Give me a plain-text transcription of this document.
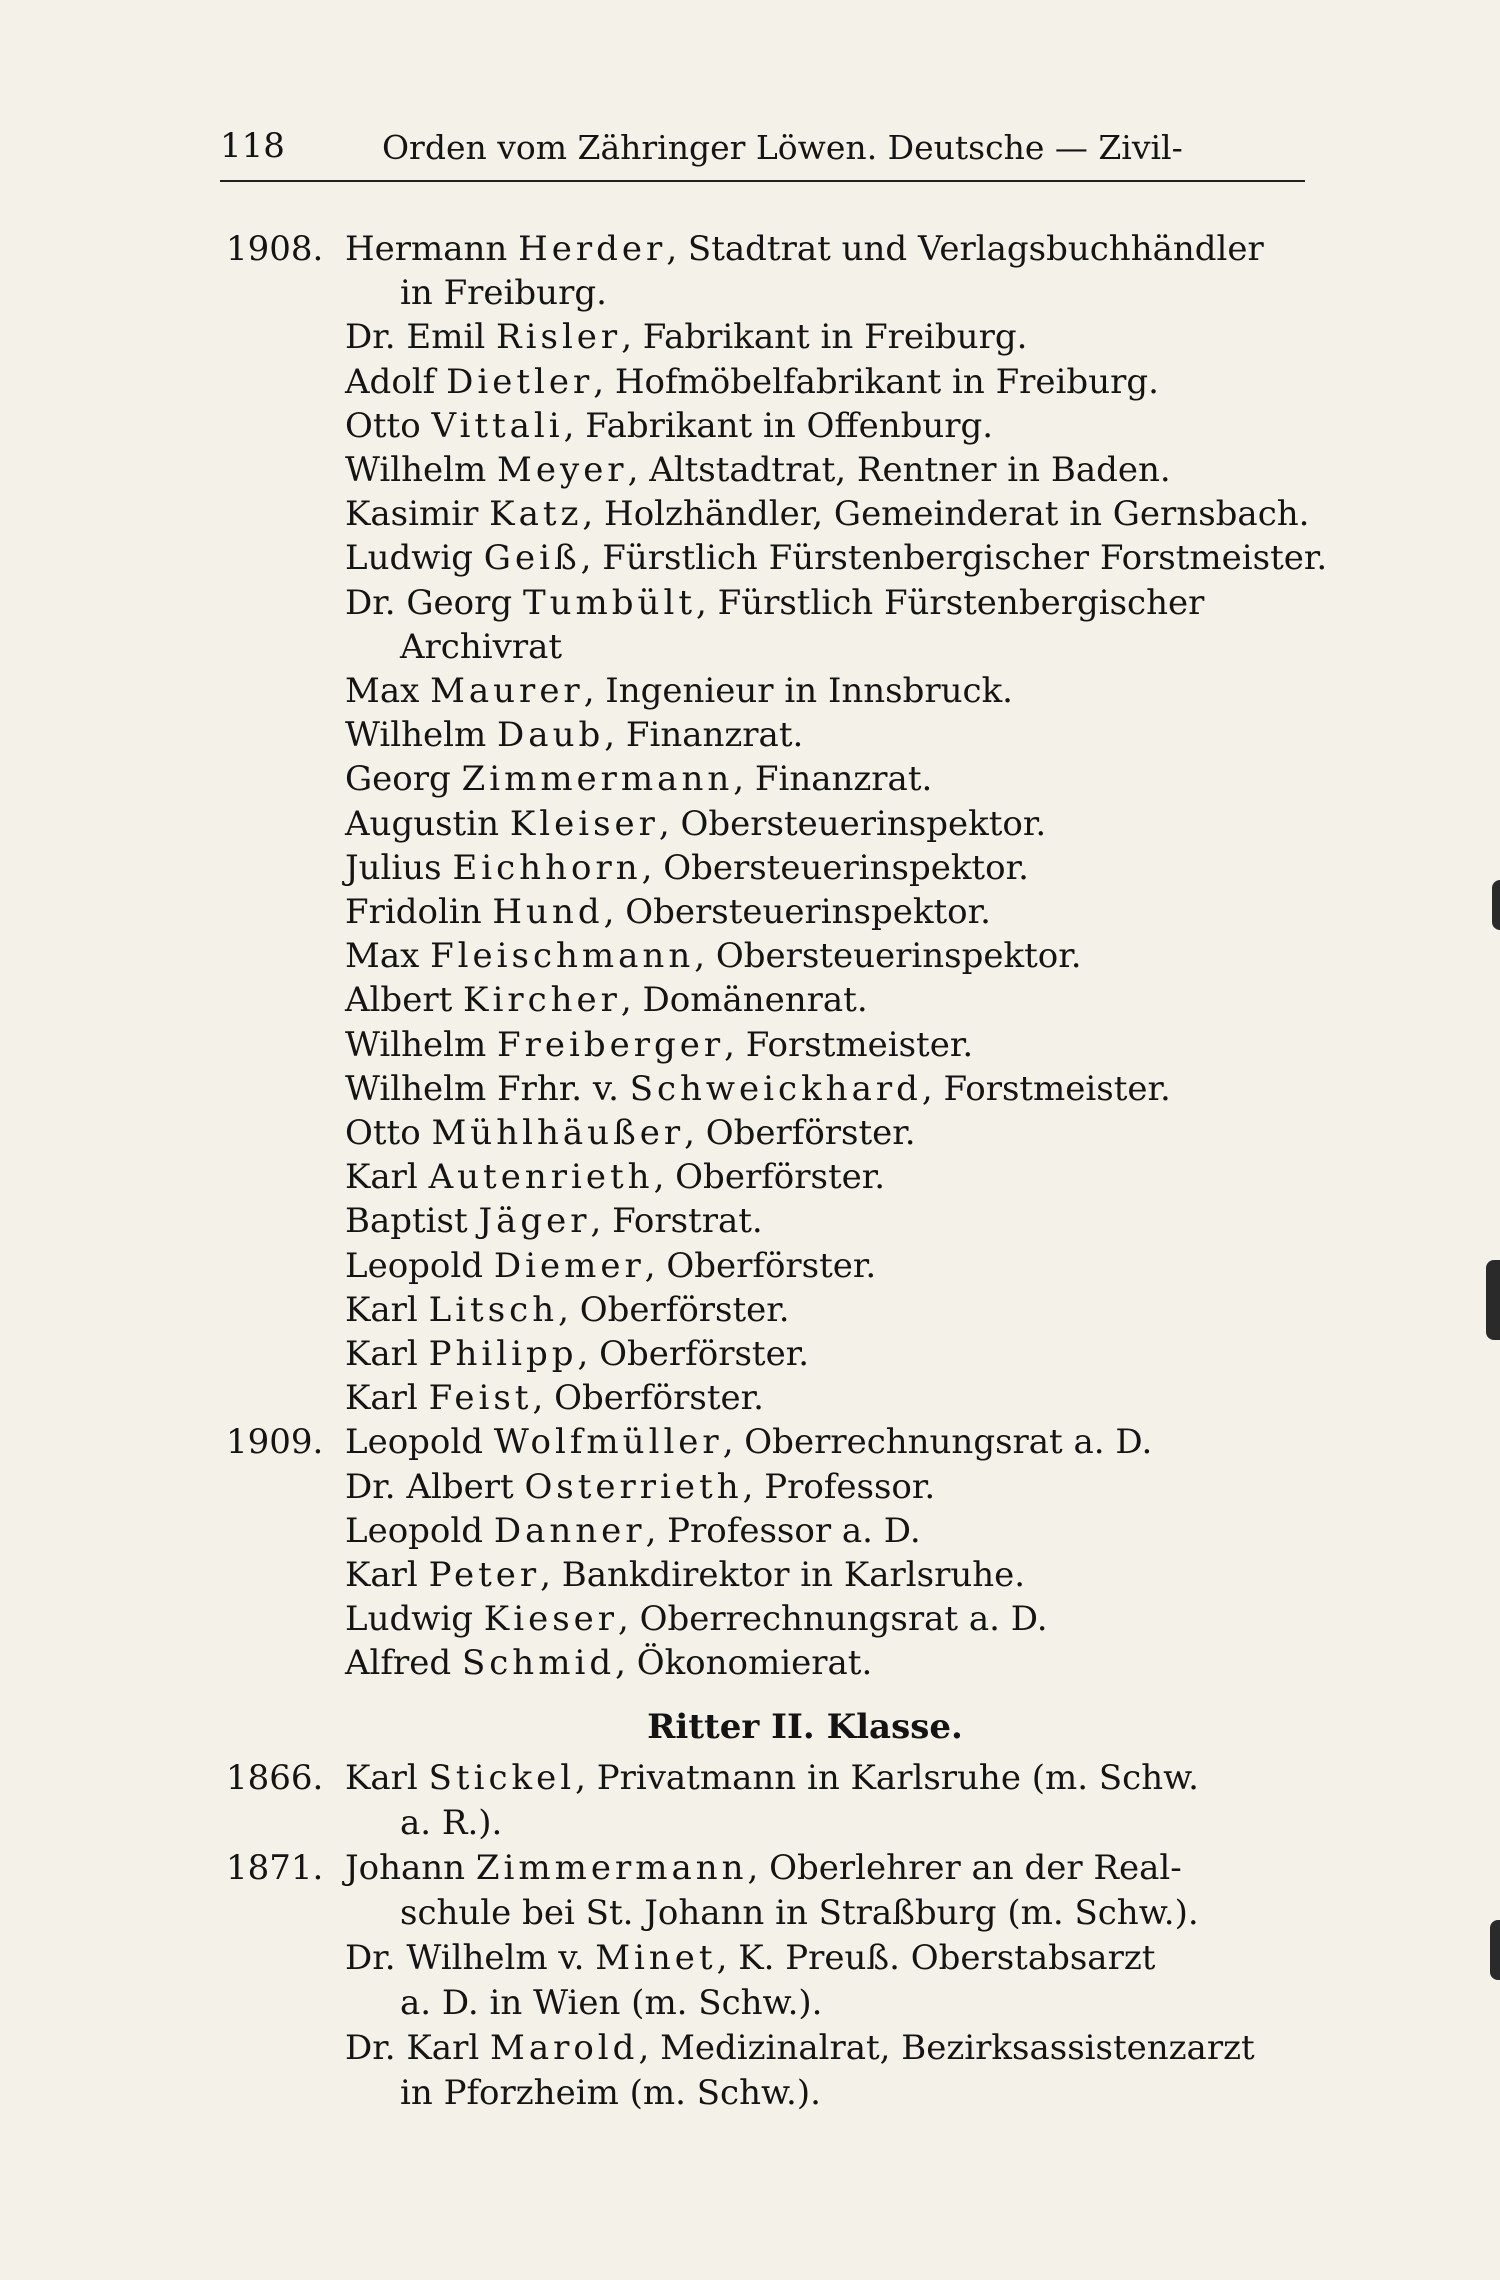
118	Orden vom Zähringer Löwen. Deutsche — Zivil-
1908. Hermann Herder, Stadtrat und Verlagsbuchhändler
in Freiburg.
Dr. Emil Risler, Fabrikant in Freiburg.
Adolf Dietler, Hofmöbelfabrikant in Freiburg.
Otto Vittali, Fabrikant in Offenburg.
Wilhelm Meyer, Altstadtrat, Rentner in Baden.
Kasimir Katz, Holzhändler, Gemeinderat in Gernsbach.
Ludwig Geiß, Fürstlich Fürstenbergischer Forstmeister.
Dr. Georg Tumbült, Fürstlich Fürstenbergischer
Archivrat
Max Maurer, Ingenieur in Innsbruck.
Wilhelm Daub, Finanzrat.
Georg Zimmermann, Finanzrat.
Augustin Kleiser, Obersteuerinspektor.
Julius Eichhorn, Obersteuerinspektor.
Fridolin Hund, Obersteuerinspektor.
Max Fleischmann, Obersteuerinspektor.
Albert Kircher, Domänenrat.
Wilhelm Freiberger, Forstmeister.
Wilhelm Frhr. v. Schweickhard, Forstmeister.
Otto Mühlhäußer, Oberförster.
Karl Autenrieth, Oberförster.
Baptist Jäger, Forstrat.
Leopold Diemer, Oberförster.
Karl Litsch, Oberförster.
Karl Philipp, Oberförster.
Karl Feist, Oberförster.
1909. Leopold Wolfmüller, Oberrechnungsrat a. D.
Dr. Albert Osterrieth, Professor.
Leopold Danner, Professor a. D.
Karl Peter, Bankdirektor in Karlsruhe.
Ludwig Kieser, Oberrechnungsrat a. D.
Alfred Schmid, Ökonomierat.
Ritter II. Klasse.
1866. Karl Stickel, Privatmann in Karlsruhe (m. Schw.
a. R.).
1871. Johann Zimmermann, Oberlehrer an der Real-
schule bei St. Johann in Straßburg (m. Schw.).
Dr. Wilhelm v. Minet, K. Preuß. Oberstabsarzt
a. D. in Wien (m. Schw.).
Dr. Karl Marold, Medizinalrat, Bezirksassistenzarzt
in Pforzheim (m. Schw.).
